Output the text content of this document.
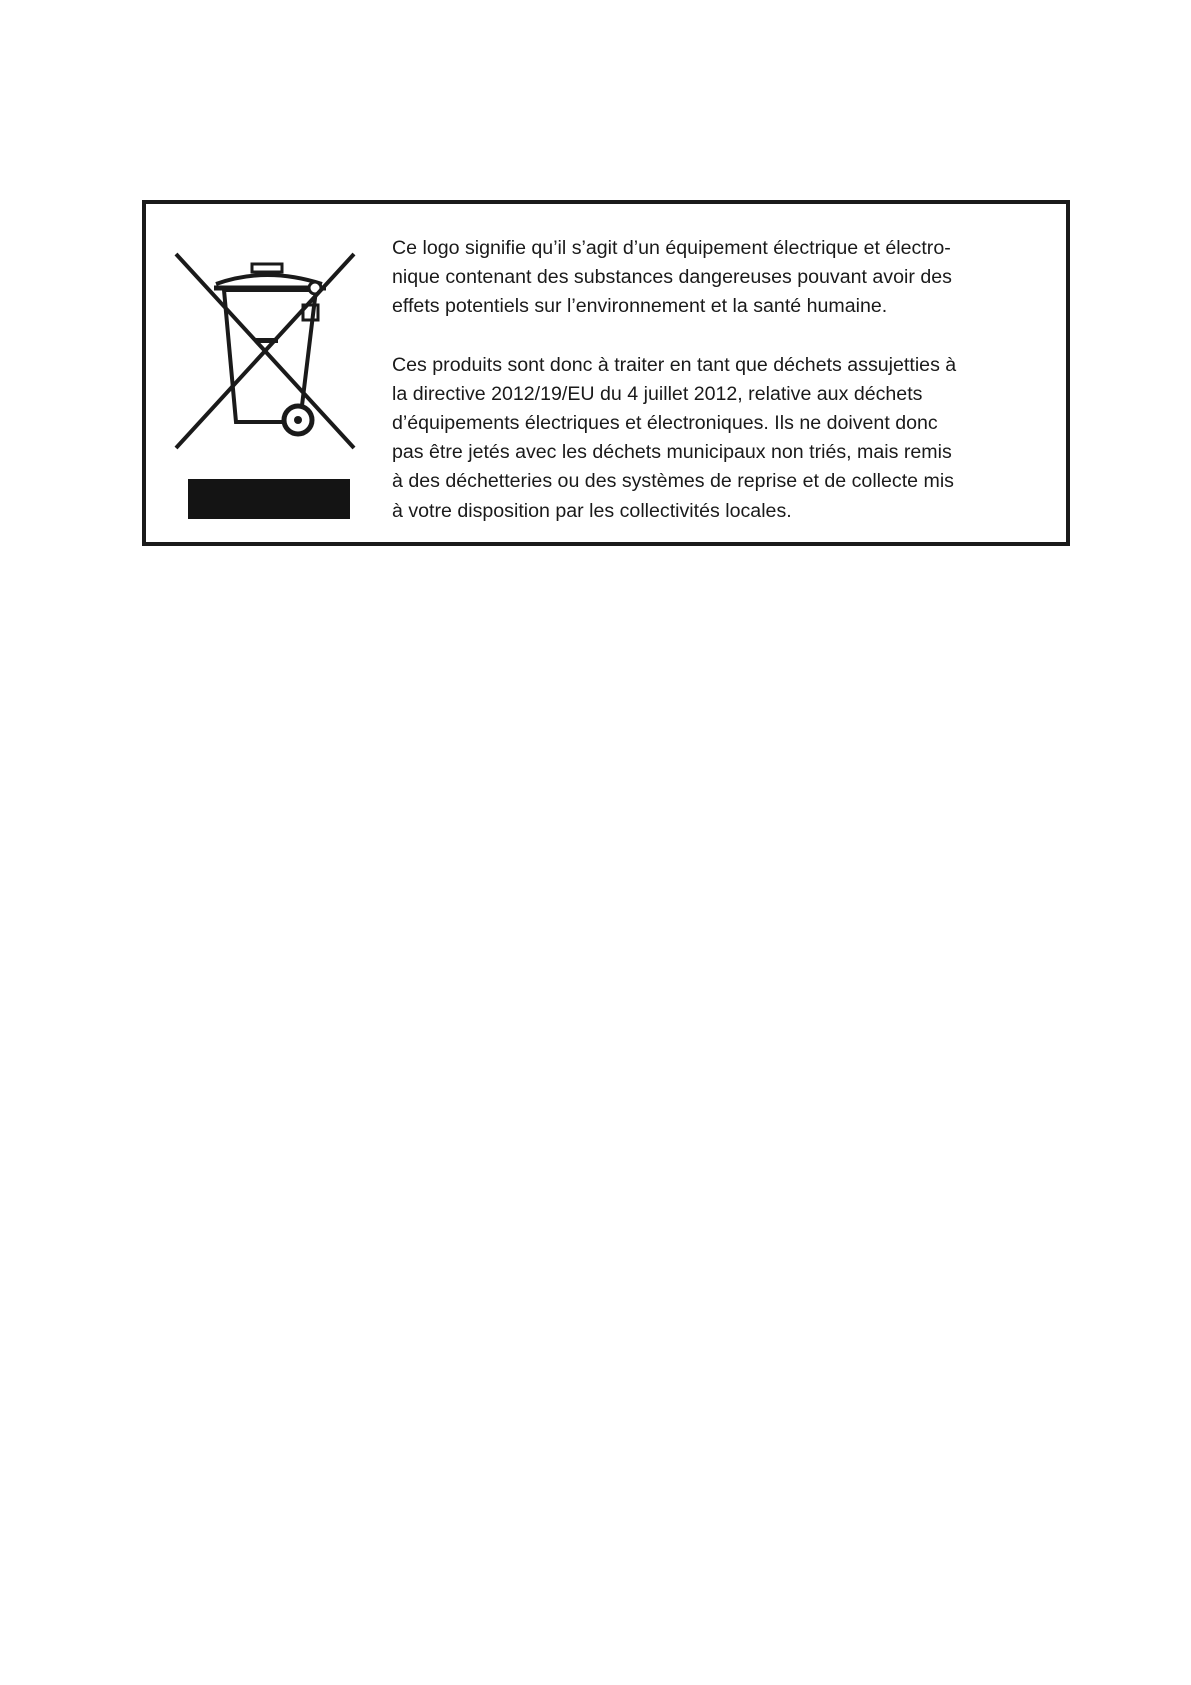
Ce logo signifie qu’il s’agit d’un équipement électrique et électro-

nique contenant des substances dangereuses pouvant avoir des

effets potentiels sur l’environnement et la santé humaine.

Ces produits sont donc à traiter en tant que déchets assujetties à

la directive 2012/19/EU du 4 juillet 2012, relative aux déchets

d’équipements électriques et électroniques. Ils ne doivent donc

pas être jetés avec les déchets municipaux non triés, mais remis

à des déchetteries ou des systèmes de reprise et de collecte mis

à votre disposition par les collectivités locales.
